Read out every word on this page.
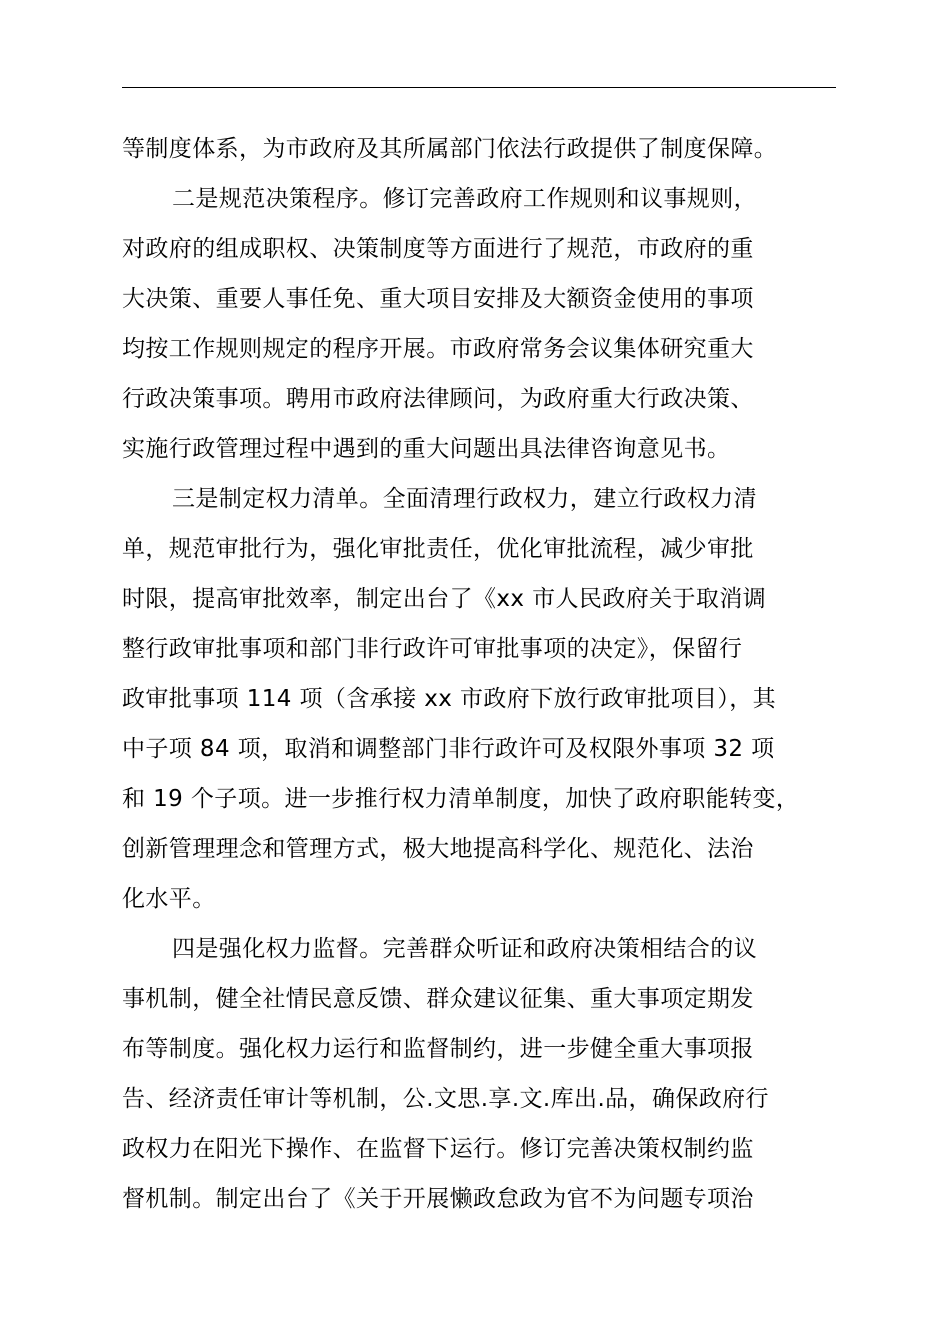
等制度体系，为市政府及其所属部门依法行政提供了制度保障。
二是规范决策程序。修订完善政府工作规则和议事规则，
对政府的组成职权、决策制度等方面进行了规范，市政府的重
大决策、重要人事任免、重大项目安排及大额资金使用的事项
均按工作规则规定的程序开展。市政府常务会议集体研究重大
行政决策事项。聘用市政府法律顾问，为政府重大行政决策、
实施行政管理过程中遇到的重大问题出具法律咨询意见书。
三是制定权力清单。全面清理行政权力，建立行政权力清
单，规范审批行为，强化审批责任，优化审批流程，减少审批
时限，提高审批效率，制定出台了《xx 市人民政府关于取消调
整行政审批事项和部门非行政许可审批事项的决定》，保留行
政审批事项 114 项（含承接 xx 市政府下放行政审批项目），其
中子项 84 项，取消和调整部门非行政许可及权限外事项 32 项
和 19 个子项。进一步推行权力清单制度，加快了政府职能转变，
创新管理理念和管理方式，极大地提高科学化、规范化、法治
化水平。
四是强化权力监督。完善群众听证和政府决策相结合的议
事机制，健全社情民意反馈、群众建议征集、重大事项定期发
布等制度。强化权力运行和监督制约，进一步健全重大事项报
告、经济责任审计等机制，公.文思.享.文.库出.品，确保政府行
政权力在阳光下操作、在监督下运行。修订完善决策权制约监
督机制。制定出台了《关于开展懒政怠政为官不为问题专项治
